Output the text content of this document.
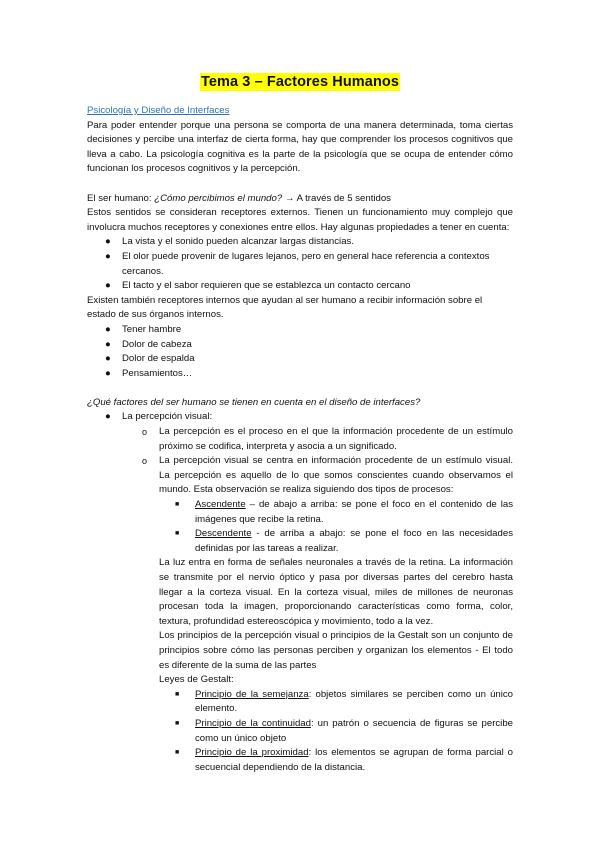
Tema 3 – Factores Humanos

Psicología y Diseño de Interfaces

Para poder entender porque una persona se comporta de una manera determinada, toma ciertas decisiones y percibe una interfaz de cierta forma, hay que comprender los procesos cognitivos que lleva a cabo. La psicología cognitiva es la parte de la psicología que se ocupa de entender cómo funcionan los procesos cognitivos y la percepción.

El ser humano: ¿Cómo percibimos el mundo? → A través de 5 sentidos

Estos sentidos se consideran receptores externos. Tienen un funcionamiento muy complejo que involucra muchos receptores y conexiones entre ellos. Hay algunas propiedades a tener en cuenta:

● La vista y el sonido pueden alcanzar largas distancias.
● El olor puede provenir de lugares lejanos, pero en general hace referencia a contextos cercanos.
● El tacto y el sabor requieren que se establezca un contacto cercano

Existen también receptores internos que ayudan al ser humano a recibir información sobre el estado de sus órganos internos.

● Tener hambre
● Dolor de cabeza
● Dolor de espalda
● Pensamientos…

¿Qué factores del ser humano se tienen en cuenta en el diseño de interfaces?

● La percepción visual:
o La percepción es el proceso en el que la información procedente de un estímulo próximo se codifica, interpreta y asocia a un significado.
o La percepción visual se centra en información procedente de un estímulo visual. La percepción es aquello de lo que somos conscientes cuando observamos el mundo. Esta observación se realiza siguiendo dos tipos de procesos:
■ Ascendente – de abajo a arriba: se pone el foco en el contenido de las imágenes que recibe la retina.
■ Descendente - de arriba a abajo: se pone el foco en las necesidades definidas por las tareas a realizar.

La luz entra en forma de señales neuronales a través de la retina. La información se transmite por el nervio óptico y pasa por diversas partes del cerebro hasta llegar a la corteza visual. En la corteza visual, miles de millones de neuronas procesan toda la imagen, proporcionando características como forma, color, textura, profundidad estereoscópica y movimiento, todo a la vez.

Los principios de la percepción visual o principios de la Gestalt son un conjunto de principios sobre cómo las personas perciben y organizan los elementos - El todo es diferente de la suma de las partes

Leyes de Gestalt:

■ Principio de la semejanza: objetos similares se perciben como un único elemento.
■ Principio de la continuidad: un patrón o secuencia de figuras se percibe como un único objeto
■ Principio de la proximidad: los elementos se agrupan de forma parcial o secuencial dependiendo de la distancia.
